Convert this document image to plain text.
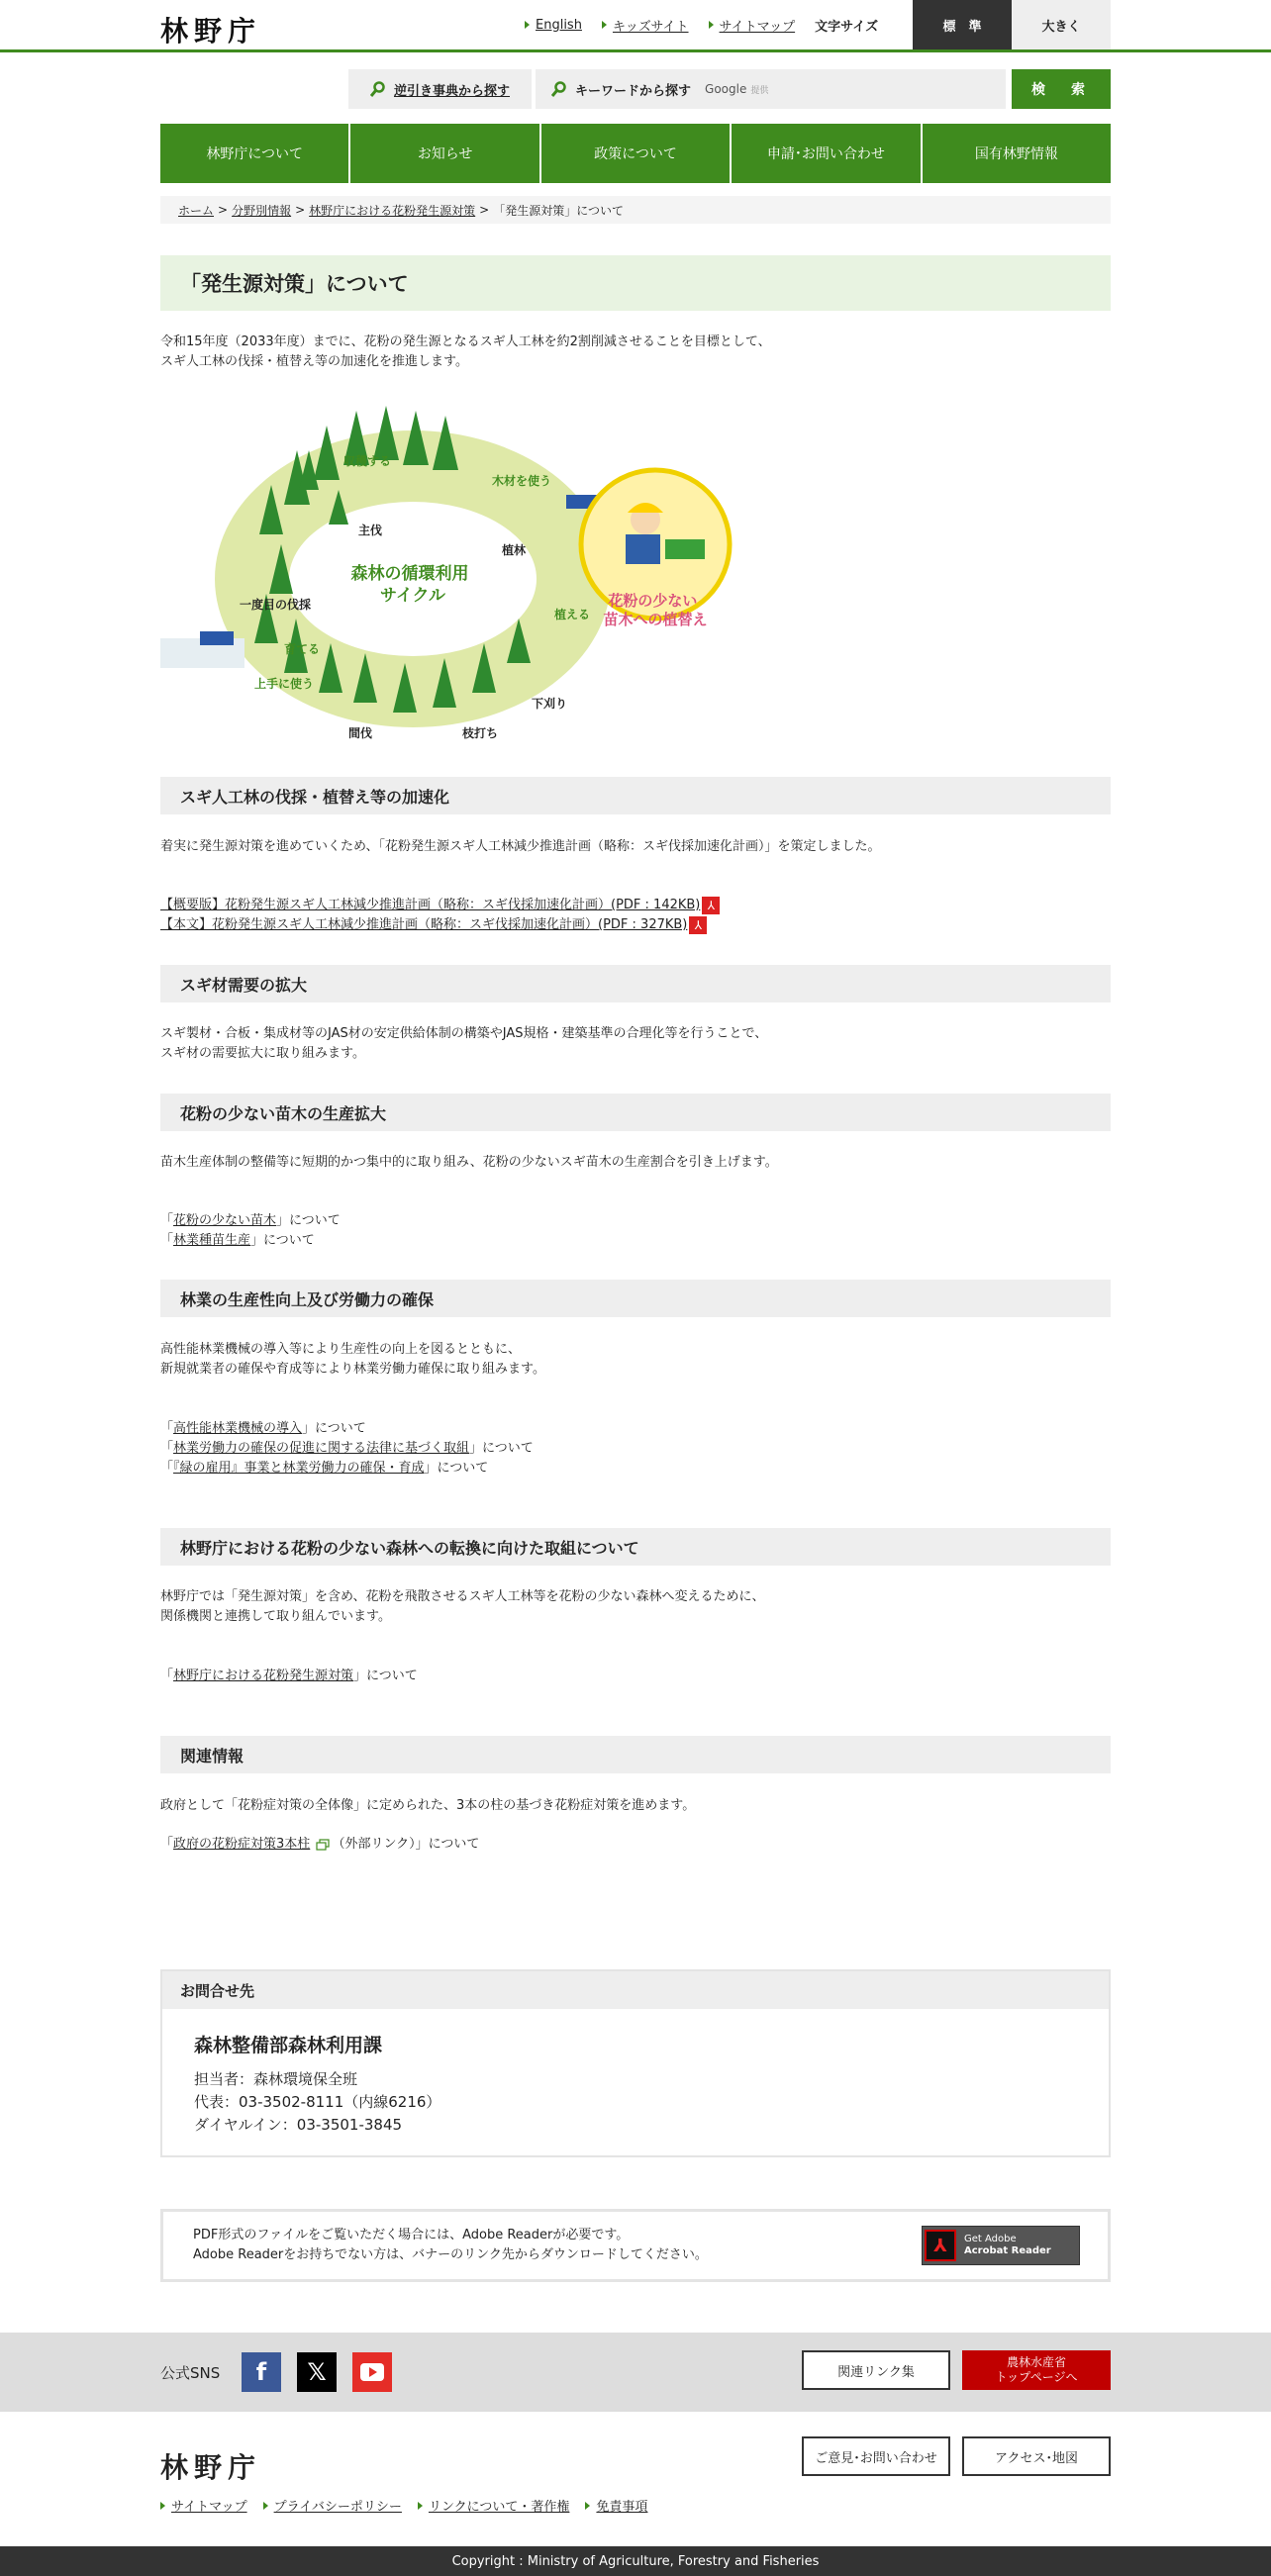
林野庁	English キッズサイト サイトマップ 文字サイズ	標　準	大きく
逆引き事典から探す	キーワードから探す Google 提供	検　索
林野庁について	お知らせ	政策について	申請･お問い合わせ	国有林野情報
ホーム > 分野別情報 > 林野庁における花粉発生源対策 > 「発生源対策」について
「発生源対策」について
令和15年度（2033年度）までに、花粉の発生源となるスギ人工林を約2割削減させることを目標として、
スギ人工林の伐採・植替え等の加速化を推進します。
森林の循環利用 サイクル	花粉の少ない 苗木への植替え
主伐
植林
一度目の伐採
下刈り
間伐	枝打ち
収穫する
木材を使う
上手に使う
育てる
植える
スギ人工林の伐採・植替え等の加速化
着実に発生源対策を進めていくため、「花粉発生源スギ人工林減少推進計画（略称：スギ伐採加速化計画）」を策定しました。
【概要版】花粉発生源スギ人工林減少推進計画（略称：スギ伐採加速化計画）(PDF : 142KB) ⅄
【本文】花粉発生源スギ人工林減少推進計画（略称：スギ伐採加速化計画）(PDF : 327KB) ⅄
スギ材需要の拡大
スギ製材・合板・集成材等のJAS材の安定供給体制の構築やJAS規格・建築基準の合理化等を行うことで、
スギ材の需要拡大に取り組みます。
花粉の少ない苗木の生産拡大
苗木生産体制の整備等に短期的かつ集中的に取り組み、花粉の少ないスギ苗木の生産割合を引き上げます。
「花粉の少ない苗木」について
「林業種苗生産」について
林業の生産性向上及び労働力の確保
高性能林業機械の導入等により生産性の向上を図るとともに、
新規就業者の確保や育成等により林業労働力確保に取り組みます。
「高性能林業機械の導入」について
「林業労働力の確保の促進に関する法律に基づく取組」について
「『緑の雇用』事業と林業労働力の確保・育成」について
林野庁における花粉の少ない森林への転換に向けた取組について
林野庁では「発生源対策」を含め、花粉を飛散させるスギ人工林等を花粉の少ない森林へ変えるために、
関係機関と連携して取り組んでいます。
「林野庁における花粉発生源対策」について
関連情報
政府として「花粉症対策の全体像」に定められた、3本の柱の基づき花粉症対策を進めます。
「政府の花粉症対策3本柱 （外部リンク）」について
お問合せ先
森林整備部森林利用課
担当者：森林環境保全班
代表：03-3502-8111（内線6216）
ダイヤルイン：03-3501-3845
PDF形式のファイルをご覧いただく場合には、Adobe Readerが必要です。
Adobe Readerをお持ちでない方は、バナーのリンク先からダウンロードしてください。	⅄	Get Adobe
Acrobat Reader
公式SNS	f	𝕏	関連リンク集
農林水産省
トップページへ
林野庁	ご意見･お問い合わせ	アクセス･地図
サイトマップ プライバシーポリシー リンクについて・著作権 免責事項
Copyright : Ministry of Agriculture, Forestry and Fisheries
